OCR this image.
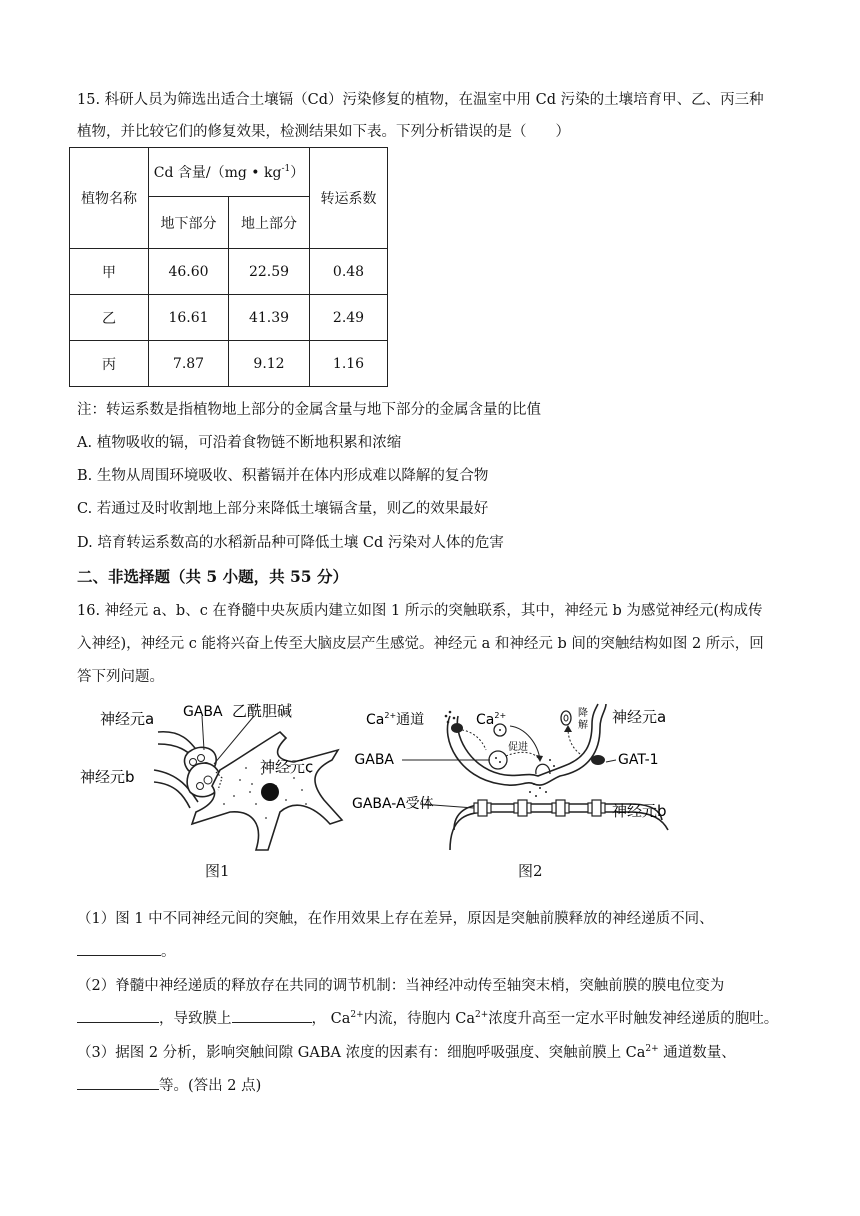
15. 科研人员为筛选出适合土壤镉（Cd）污染修复的植物，在温室中用 Cd 污染的土壤培育甲、乙、丙三种
植物，并比较它们的修复效果，检测结果如下表。下列分析错误的是（　　）
植物名称	Cd 含量/（mg • $kg^{-1}$）		转运系数
	地下部分	地上部分	
甲	46.60	22.59	0.48
乙	16.61	41.39	2.49
丙	7.87	9.12	1.16
注：转运系数是指植物地上部分的金属含量与地下部分的金属含量的比值
A. 植物吸收的镉，可沿着食物链不断地积累和浓缩
B. 生物从周围环境吸收、积蓄镉并在体内形成难以降解的复合物
C. 若通过及时收割地上部分来降低土壤镉含量，则乙的效果最好
D. 培育转运系数高的水稻新品种可降低土壤 Cd 污染对人体的危害
二、非选择题（共 5 小题，共 55 分）
16. 神经元 a、b、c 在脊髓中央灰质内建立如图 1 所示的突触联系，其中，神经元 b 为感觉神经元(构成传
入神经)，神经元 c 能将兴奋上传至大脑皮层产生感觉。神经元 a 和神经元 b 间的突触结构如图 2 所示，回
答下列问题。
神经元a GABA 乙酰胆碱
神经元b
神经元c
图1
$Ca^{2+}$通道	$Ca^{2+}$
促进
降
解 神经元a
GABA	GAT-1
GABA-A受体	神经元b
图2
（1）图 1 中不同神经元间的突触，在作用效果上存在差异，原因是突触前膜释放的神经递质不同、
。
（2）脊髓中神经递质的释放存在共同的调节机制：当神经冲动传至轴突末梢，突触前膜的膜电位变为
，导致膜上	， $Ca^{2+}$内流，待胞内 $Ca^{2+}$浓度升高至一定水平时触发神经递质的胞吐。
（3）据图 2 分析，影响突触间隙 GABA 浓度的因素有：细胞呼吸强度、突触前膜上 $Ca^{2+}$ 通道数量、
等。(答出 2 点)
